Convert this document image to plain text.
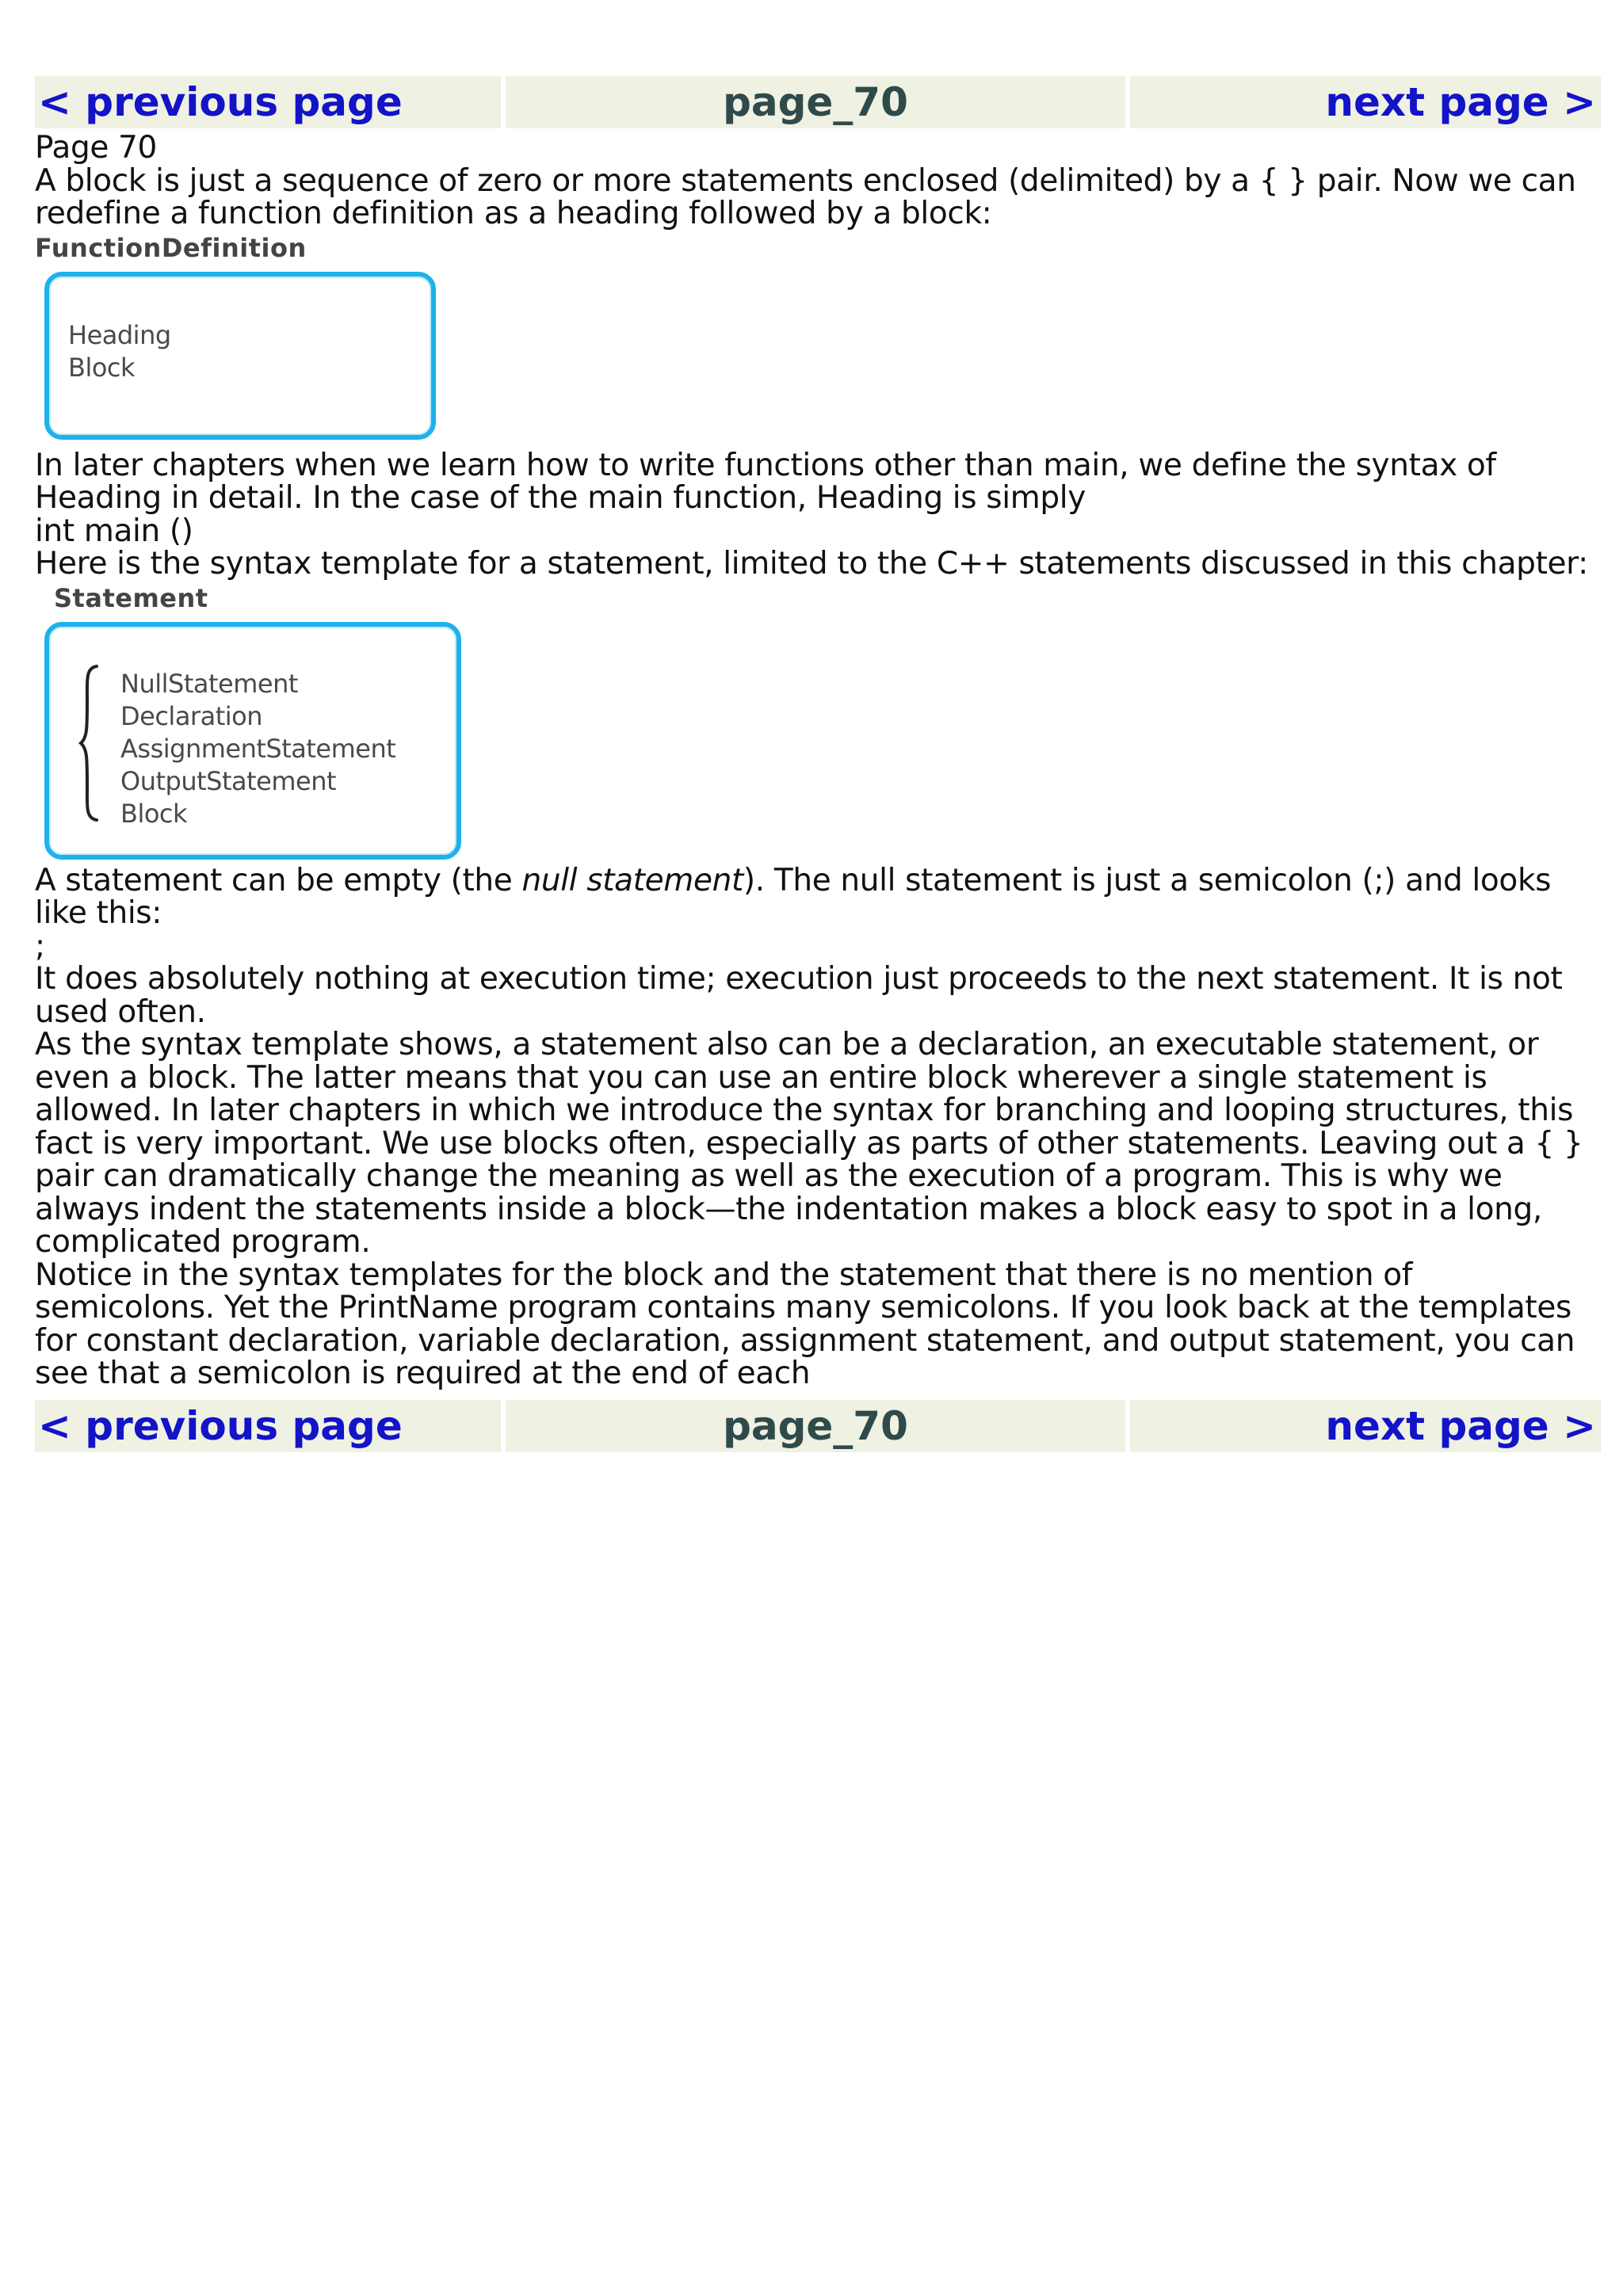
< previous page	page_70	next page >

Page 70

A block is just a sequence of zero or more statements enclosed (delimited) by a { } pair. Now we can redefine a function definition as a heading followed by a block:

FunctionDefinition
Heading
Block

In later chapters when we learn how to write functions other than main, we define the syntax of Heading in detail. In the case of the main function, Heading is simply

int main ()

Here is the syntax template for a statement, limited to the C++ statements discussed in this chapter:

Statement
NullStatement
Declaration
AssignmentStatement
OutputStatement
Block

A statement can be empty (the null statement). The null statement is just a semicolon (;) and looks like this:

;

It does absolutely nothing at execution time; execution just proceeds to the next statement. It is not used often.

As the syntax template shows, a statement also can be a declaration, an executable statement, or even a block. The latter means that you can use an entire block wherever a single statement is allowed. In later chapters in which we introduce the syntax for branching and looping structures, this fact is very important. We use blocks often, especially as parts of other statements. Leaving out a { } pair can dramatically change the meaning as well as the execution of a program. This is why we always indent the statements inside a block—the indentation makes a block easy to spot in a long, complicated program.

Notice in the syntax templates for the block and the statement that there is no mention of semicolons. Yet the PrintName program contains many semicolons. If you look back at the templates for constant declaration, variable declaration, assignment statement, and output statement, you can see that a semicolon is required at the end of each

< previous page	page_70	next page >
